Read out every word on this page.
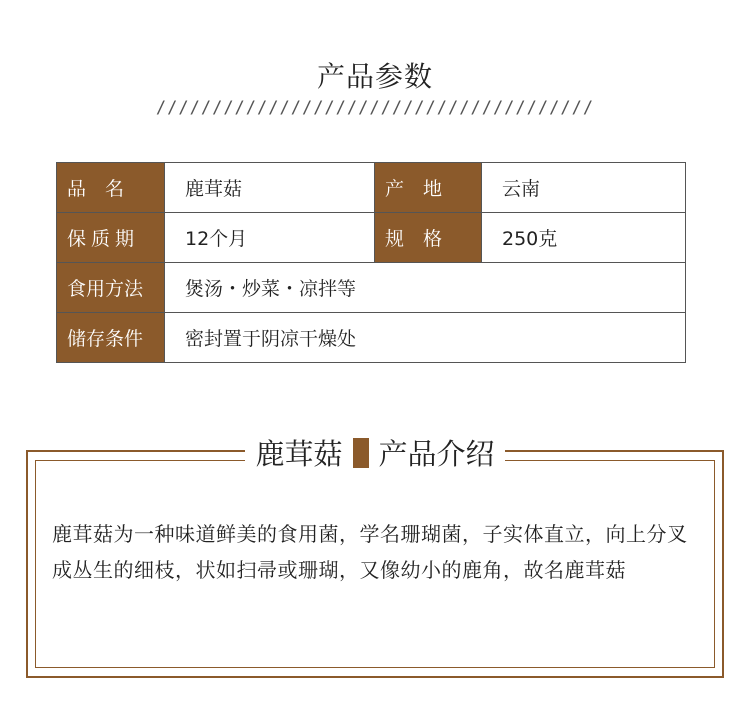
产品参数
///////////////////////////////////////
品　名	鹿茸菇	产　地	云南

保质期	12个月	规　格	250克
食用方法	煲汤・炒菜・凉拌等		
储存条件	密封置于阴凉干燥处		
鹿茸菇 产品介绍
鹿茸菇为一种味道鲜美的食用菌，学名珊瑚菌，子实体直立，向上分叉成丛生的细枝，状如扫帚或珊瑚，又像幼小的鹿角，故名鹿茸菇
